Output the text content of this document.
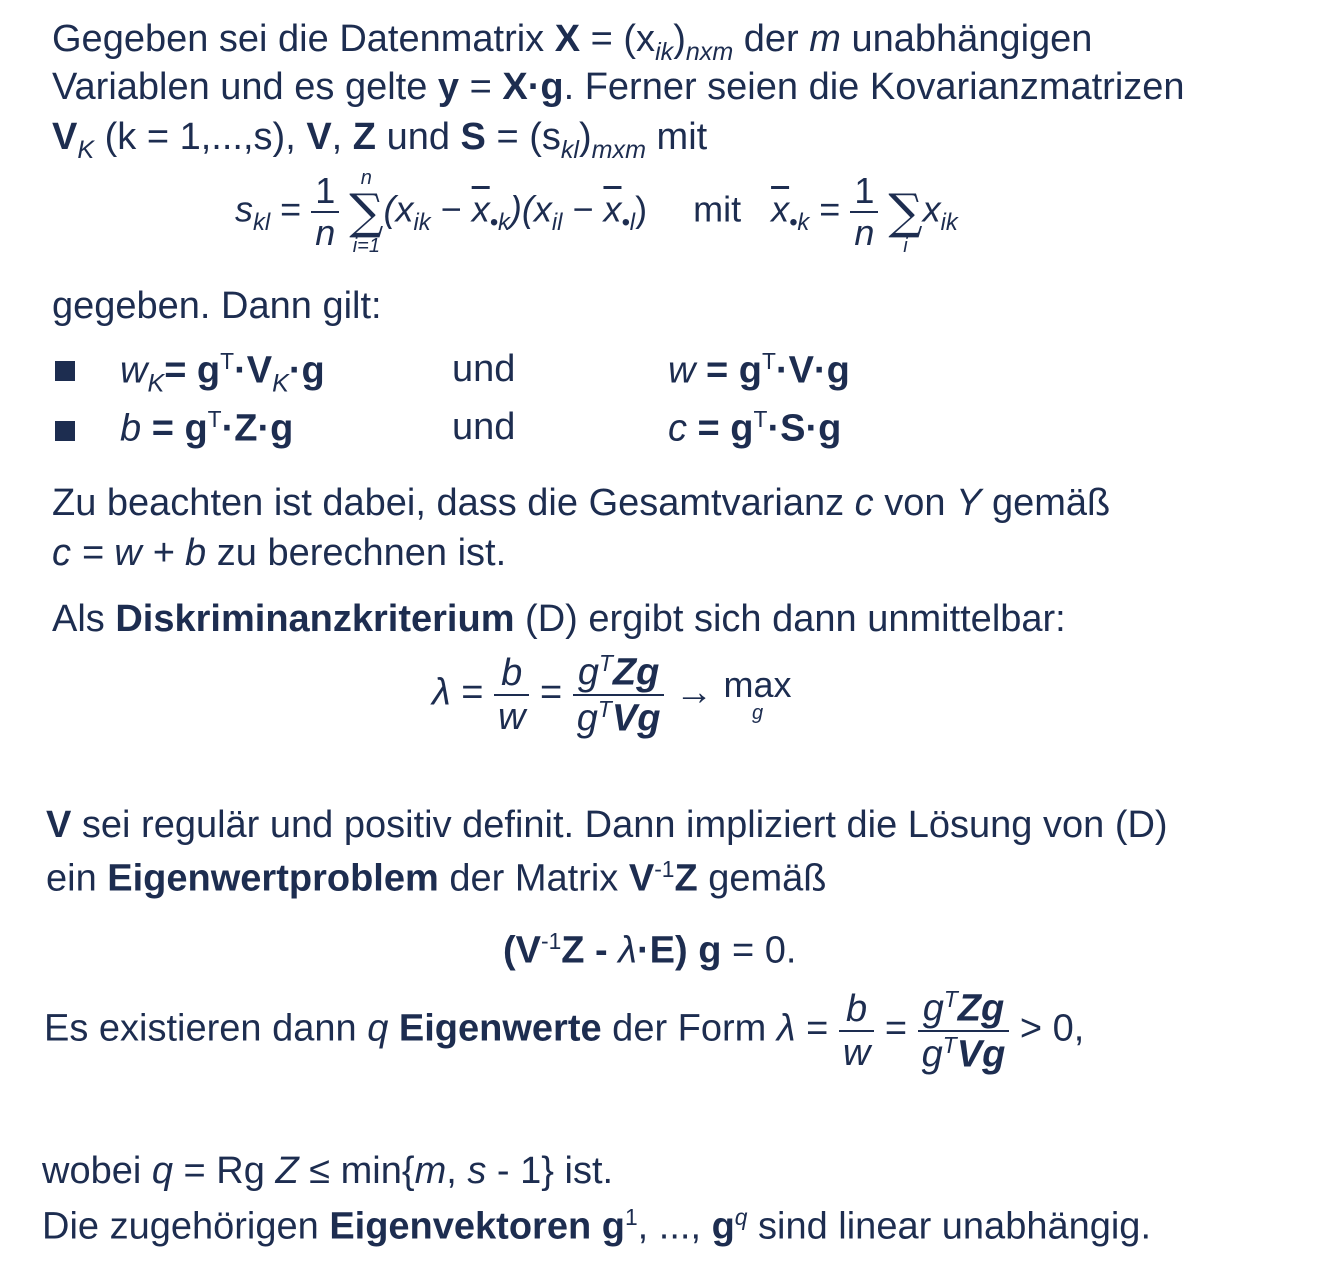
Gegeben sei die Datenmatrix $X = (x_{ik})_{nxm}$ der m unabhängigen
Variablen und es gelte y = X·g. Ferner seien die Kovarianzmatrizen
$V_K$ (k = 1,...,s), V, Z und $S = (s_{kl})_{mxm}$ mit
$s_{kl} = \frac{1}{n}$
n
∑
i=1
$(x_{ik} - \overline{x}_{•k})(x_{il} - \overline{x}_{•l})$ mit $\overline{x}_{•k} = \frac{1}{n}$
∑
i
$x_{ik}$
gegeben. Dann gilt:
$w_K= g^T\cdot V_K\cdot g$	und	$w = g^T\cdot V\cdot g$
$b = g^T\cdot Z\cdot g$	und	$c = g^T\cdot S\cdot g$
Zu beachten ist dabei, dass die Gesamtvarianz c von Y gemäß
c = w + b zu berechnen ist.
Als Diskriminanzkriterium (D) ergibt sich dann unmittelbar:
$\lambda = \frac{b}{w} = \frac{g^TZg}{g^TVg} \to \max$
g
V sei regulär und positiv definit. Dann impliziert die Lösung von (D)
ein Eigenwertproblem der Matrix $V^{-1}Z$ gemäß
$(V^{-1}Z - \lambda\cdot E) g = 0$.
Es existieren dann q Eigenwerte der Form $\lambda = \frac{b}{w} = \frac{g^TZg}{g^TVg} > 0$,
wobei q = Rg Z ≤ min{m, s - 1} ist.
Die zugehörigen Eigenvektoren $g^1$, ..., $g^q$ sind linear unabhängig.
